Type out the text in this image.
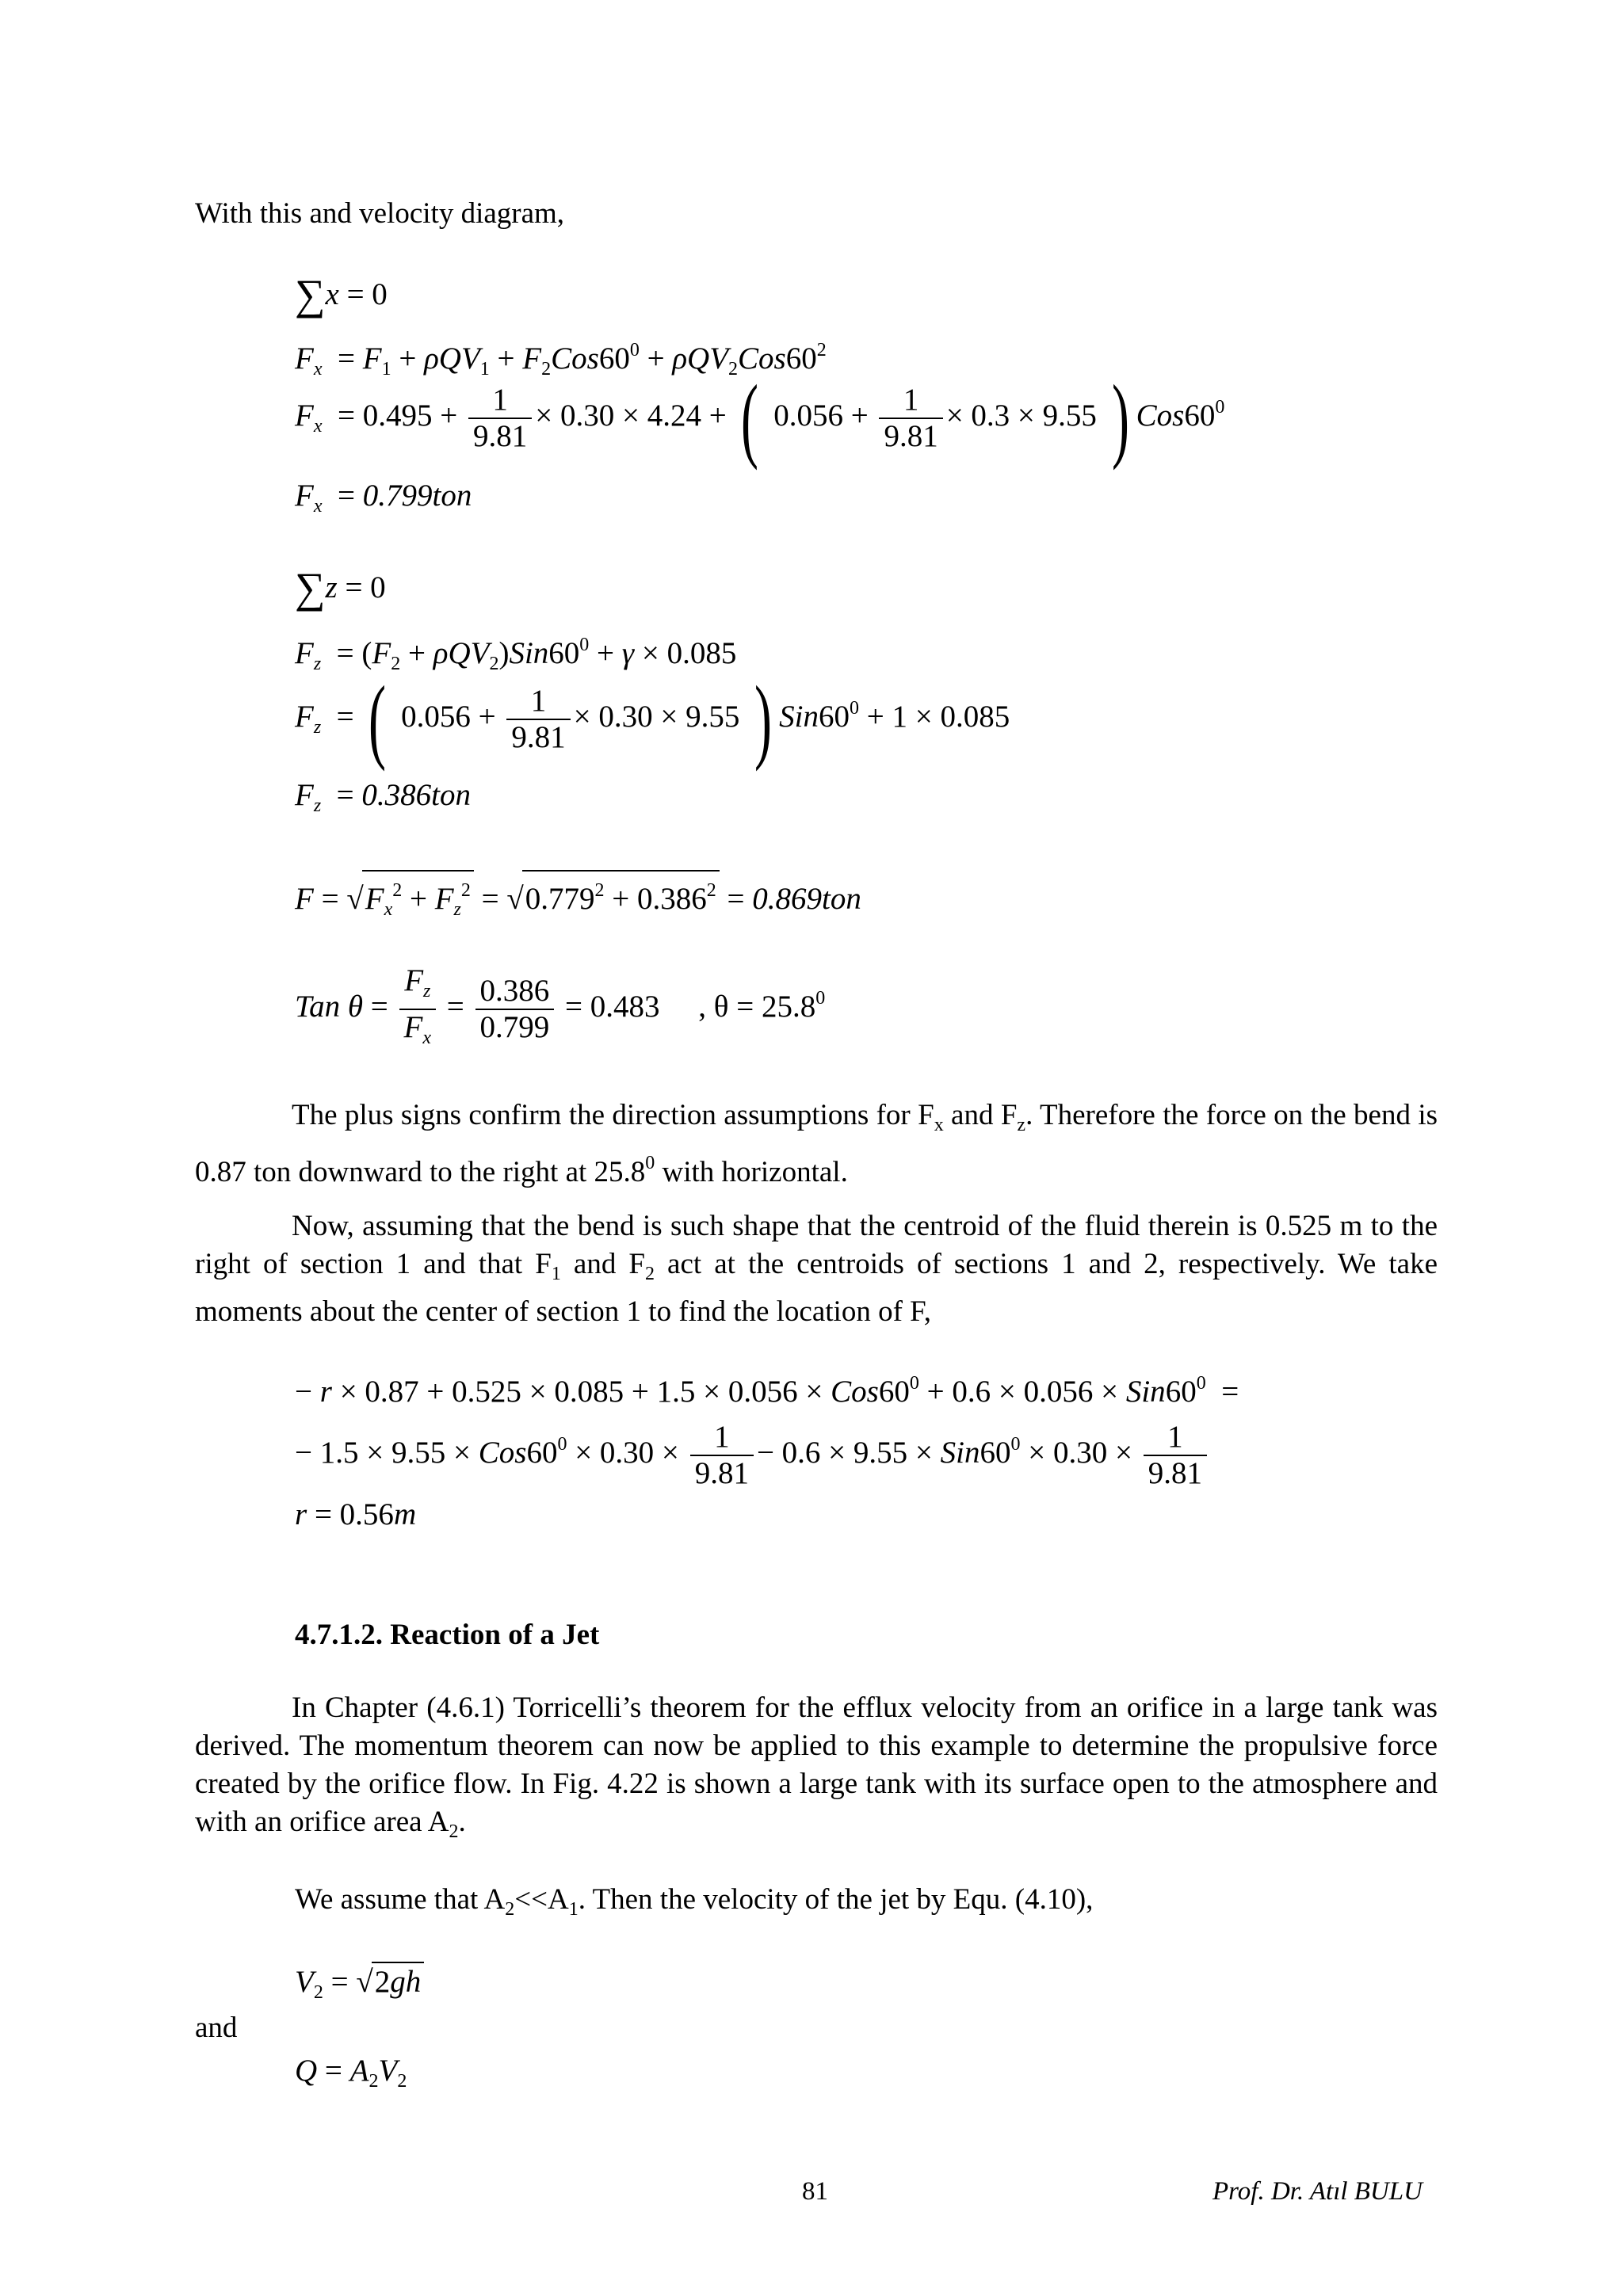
With this and velocity diagram,
∑x = 0
$F_x = F_1 + \rho QV_1 + F_2Cos60^0 + \rho QV_2Cos60^2$
$F_x = 0.495 + \frac{1}{9.81} \times 0.30 \times 4.24$ + ( $0.056 + \frac{1}{9.81} \times 0.3 \times 9.55$ ) $Cos60^0$
$F_x = 0.799ton$
∑z = 0
$F_z = (F_2 + \rho QV_2)Sin60^0 + \gamma \times 0.085$
$F_z$  = ( $0.056 + \frac{1}{9.81} \times 0.30 \times 9.55$ ) $Sin60^0 + 1 \times 0.085$
$F_z = 0.386ton$
$F = √F_x^2 + F_z^2 = √0.779^2 + 0.386^2 = 0.869ton$
Tan $\theta = \frac{F_z}{F_x} = \frac{0.386}{0.799} = 0.483$     , $\theta = 25.8^0$
The plus signs confirm the direction assumptions for $F_x$ and $F_z$. Therefore the force on the bend is 0.87 ton downward to the right at 25.8$^0$ with horizontal.
Now, assuming that the bend is such shape that the centroid of the fluid therein is 0.525 m to the right of section 1 and that $F_1$ and $F_2$ act at the centroids of sections 1 and 2, respectively. We take moments about the center of section 1 to find the location of F,
− $r \times 0.87 + 0.525 \times 0.085 + 1.5 \times 0.056 \times Cos60^0 + 0.6 \times 0.056 \times Sin60^0$  =
− $1.5 \times 9.55 \times Cos60^0 \times 0.30 \times \frac{1}{9.81} - 0.6 \times 9.55 \times Sin60^0 \times 0.30 \times \frac{1}{9.81}$
r = 0.56m
4.7.1.2. Reaction of a Jet
In Chapter (4.6.1) Torricelli’s theorem for the efflux velocity from an orifice in a large tank was derived. The momentum theorem can now be applied to this example to determine the propulsive force created by the orifice flow. In Fig. 4.22 is shown a large tank with its surface open to the atmosphere and with an orifice area $A_2$.
We assume that $A_2<<A_1$. Then the velocity of the jet by Equ. (4.10),
$V_2 = √2gh$
and
$Q = A_2V_2$
81	Prof. Dr. Atıl BULU
